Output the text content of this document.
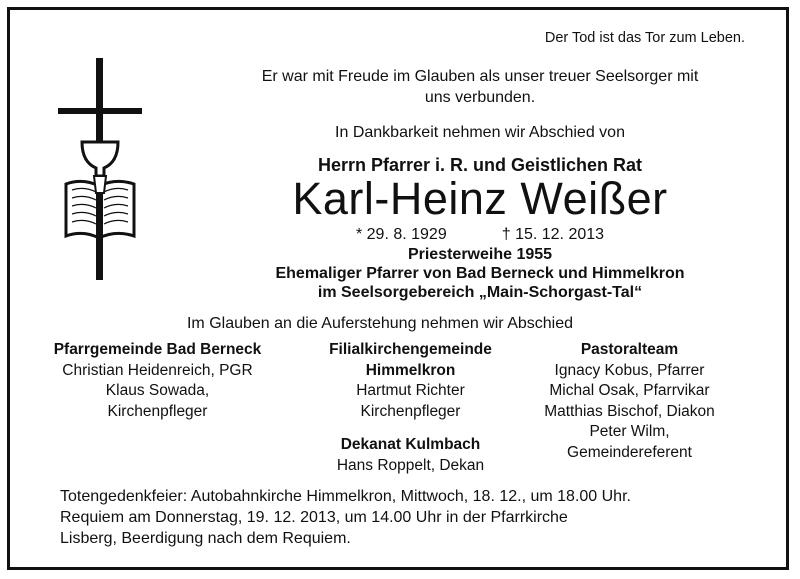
Der Tod ist das Tor zum Leben.
Er war mit Freude im Glauben als unser treuer Seelsorger mit
uns verbunden.
In Dankbarkeit nehmen wir Abschied von
Herrn Pfarrer i. R. und Geistlichen Rat
Karl-Heinz Weißer
* 29. 8. 1929	† 15. 12. 2013
Priesterweihe 1955
Ehemaliger Pfarrer von Bad Berneck und Himmelkron
im Seelsorgebereich „Main-Schorgast-Tal“
Im Glauben an die Auferstehung nehmen wir Abschied
Pfarrgemeinde Bad Berneck
Christian Heidenreich, PGR
Klaus Sowada,
Kirchenpfleger
Filialkirchengemeinde
Himmelkron
Hartmut Richter
Kirchenpfleger
Dekanat Kulmbach
Hans Roppelt, Dekan
Pastoralteam
Ignacy Kobus, Pfarrer
Michal Osak, Pfarrvikar
Matthias Bischof, Diakon
Peter Wilm,
Gemeindereferent
Totengedenkfeier: Autobahnkirche Himmelkron, Mittwoch, 18. 12., um 18.00 Uhr.
Requiem am Donnerstag, 19. 12. 2013, um 14.00 Uhr in der Pfarrkirche
Lisberg, Beerdigung nach dem Requiem.
